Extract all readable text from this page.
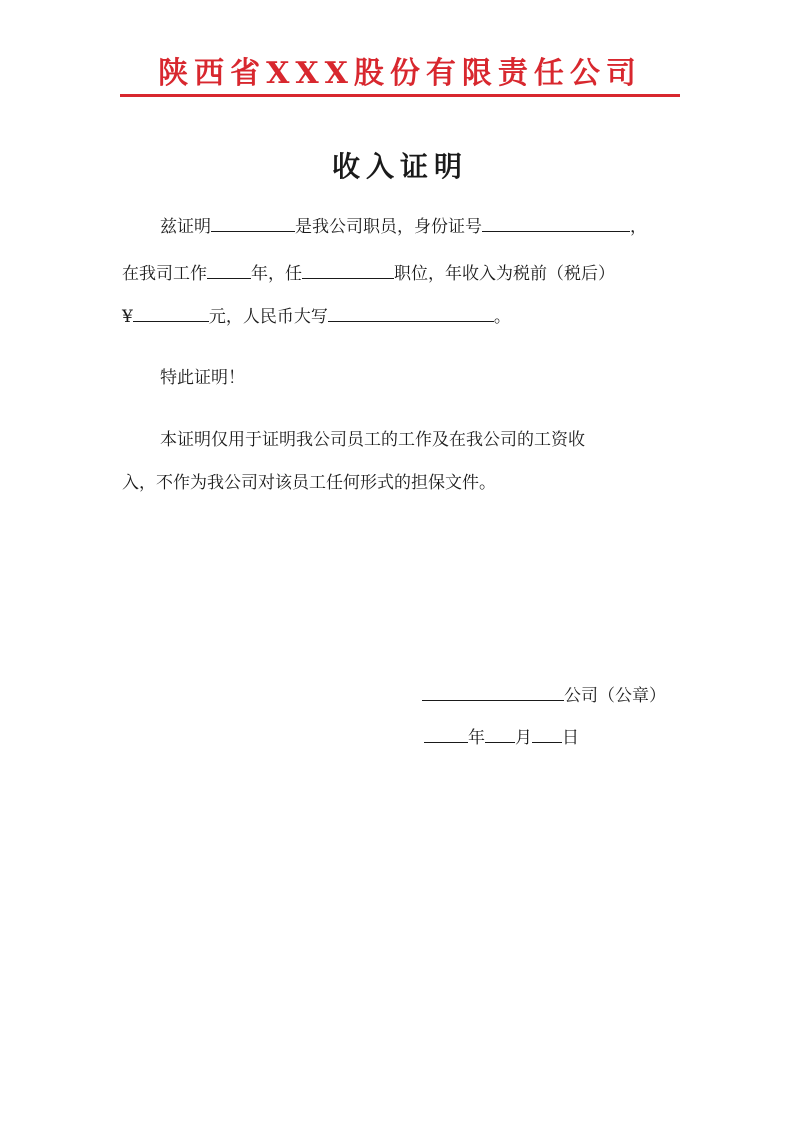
陕西省XXX股份有限责任公司
收入证明
兹证明	是我公司职员，身份证号	，
在我司工作	年，任	职位，年收入为税前（税后）
¥	元，人民币大写	。
特此证明！
本证明仅用于证明我公司员工的工作及在我公司的工资收
入，不作为我公司对该员工任何形式的担保文件。
公司（公章）
年 月 日
